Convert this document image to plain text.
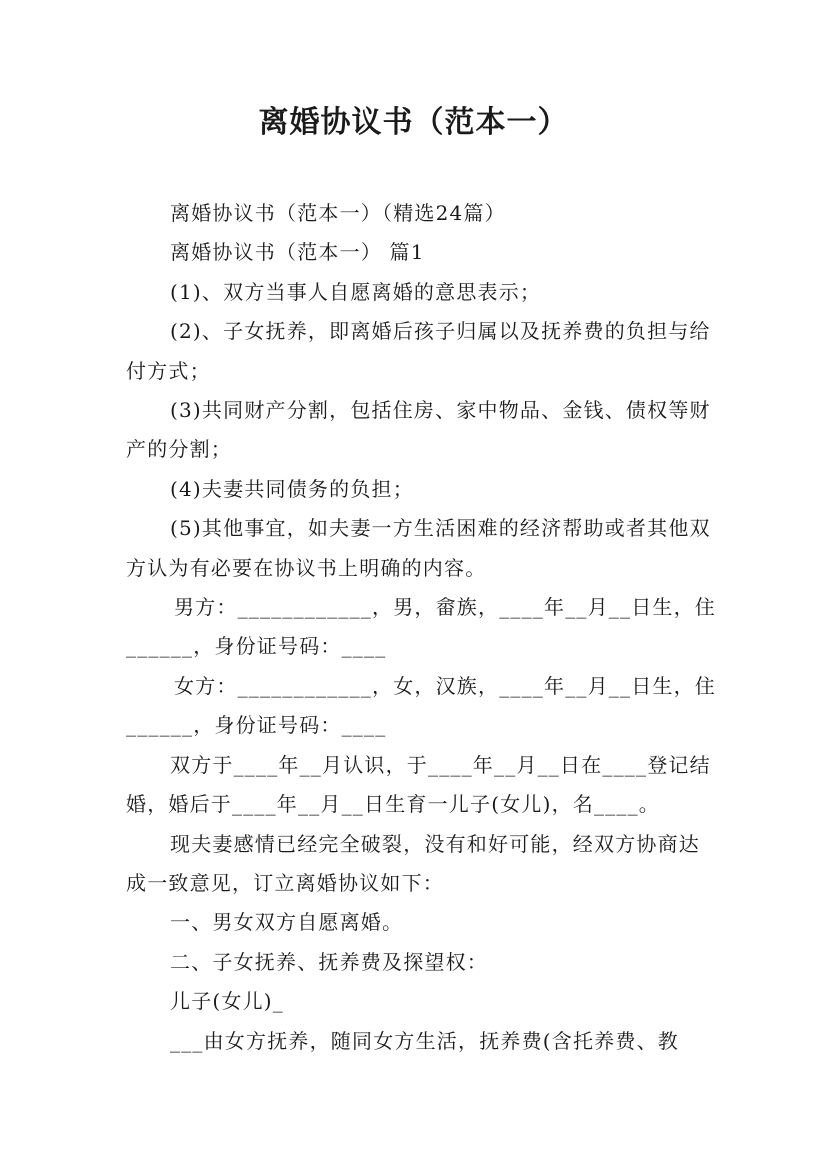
离婚协议书（范本一）

离婚协议书（范本一）（精选24篇）

离婚协议书（范本一） 篇1

(1)、双方当事人自愿离婚的意思表示；

(2)、子女抚养，即离婚后孩子归属以及抚养费的负担与给付方式；

(3)共同财产分割，包括住房、家中物品、金钱、债权等财产的分割；

(4)夫妻共同债务的负担；

(5)其他事宜，如夫妻一方生活困难的经济帮助或者其他双方认为有必要在协议书上明确的内容。

男方：____________，男，畲族，____年__月__日生，住______，身份证号码：____

女方：____________，女，汉族，____年__月__日生，住______，身份证号码：____

双方于____年__月认识，于____年__月__日在____登记结婚，婚后于____年__月__日生育一儿子(女儿)，名____。

现夫妻感情已经完全破裂，没有和好可能，经双方协商达成一致意见，订立离婚协议如下：

一、男女双方自愿离婚。

二、子女抚养、抚养费及探望权：

儿子(女儿)_

___由女方抚养，随同女方生活，抚养费(含托养费、教
